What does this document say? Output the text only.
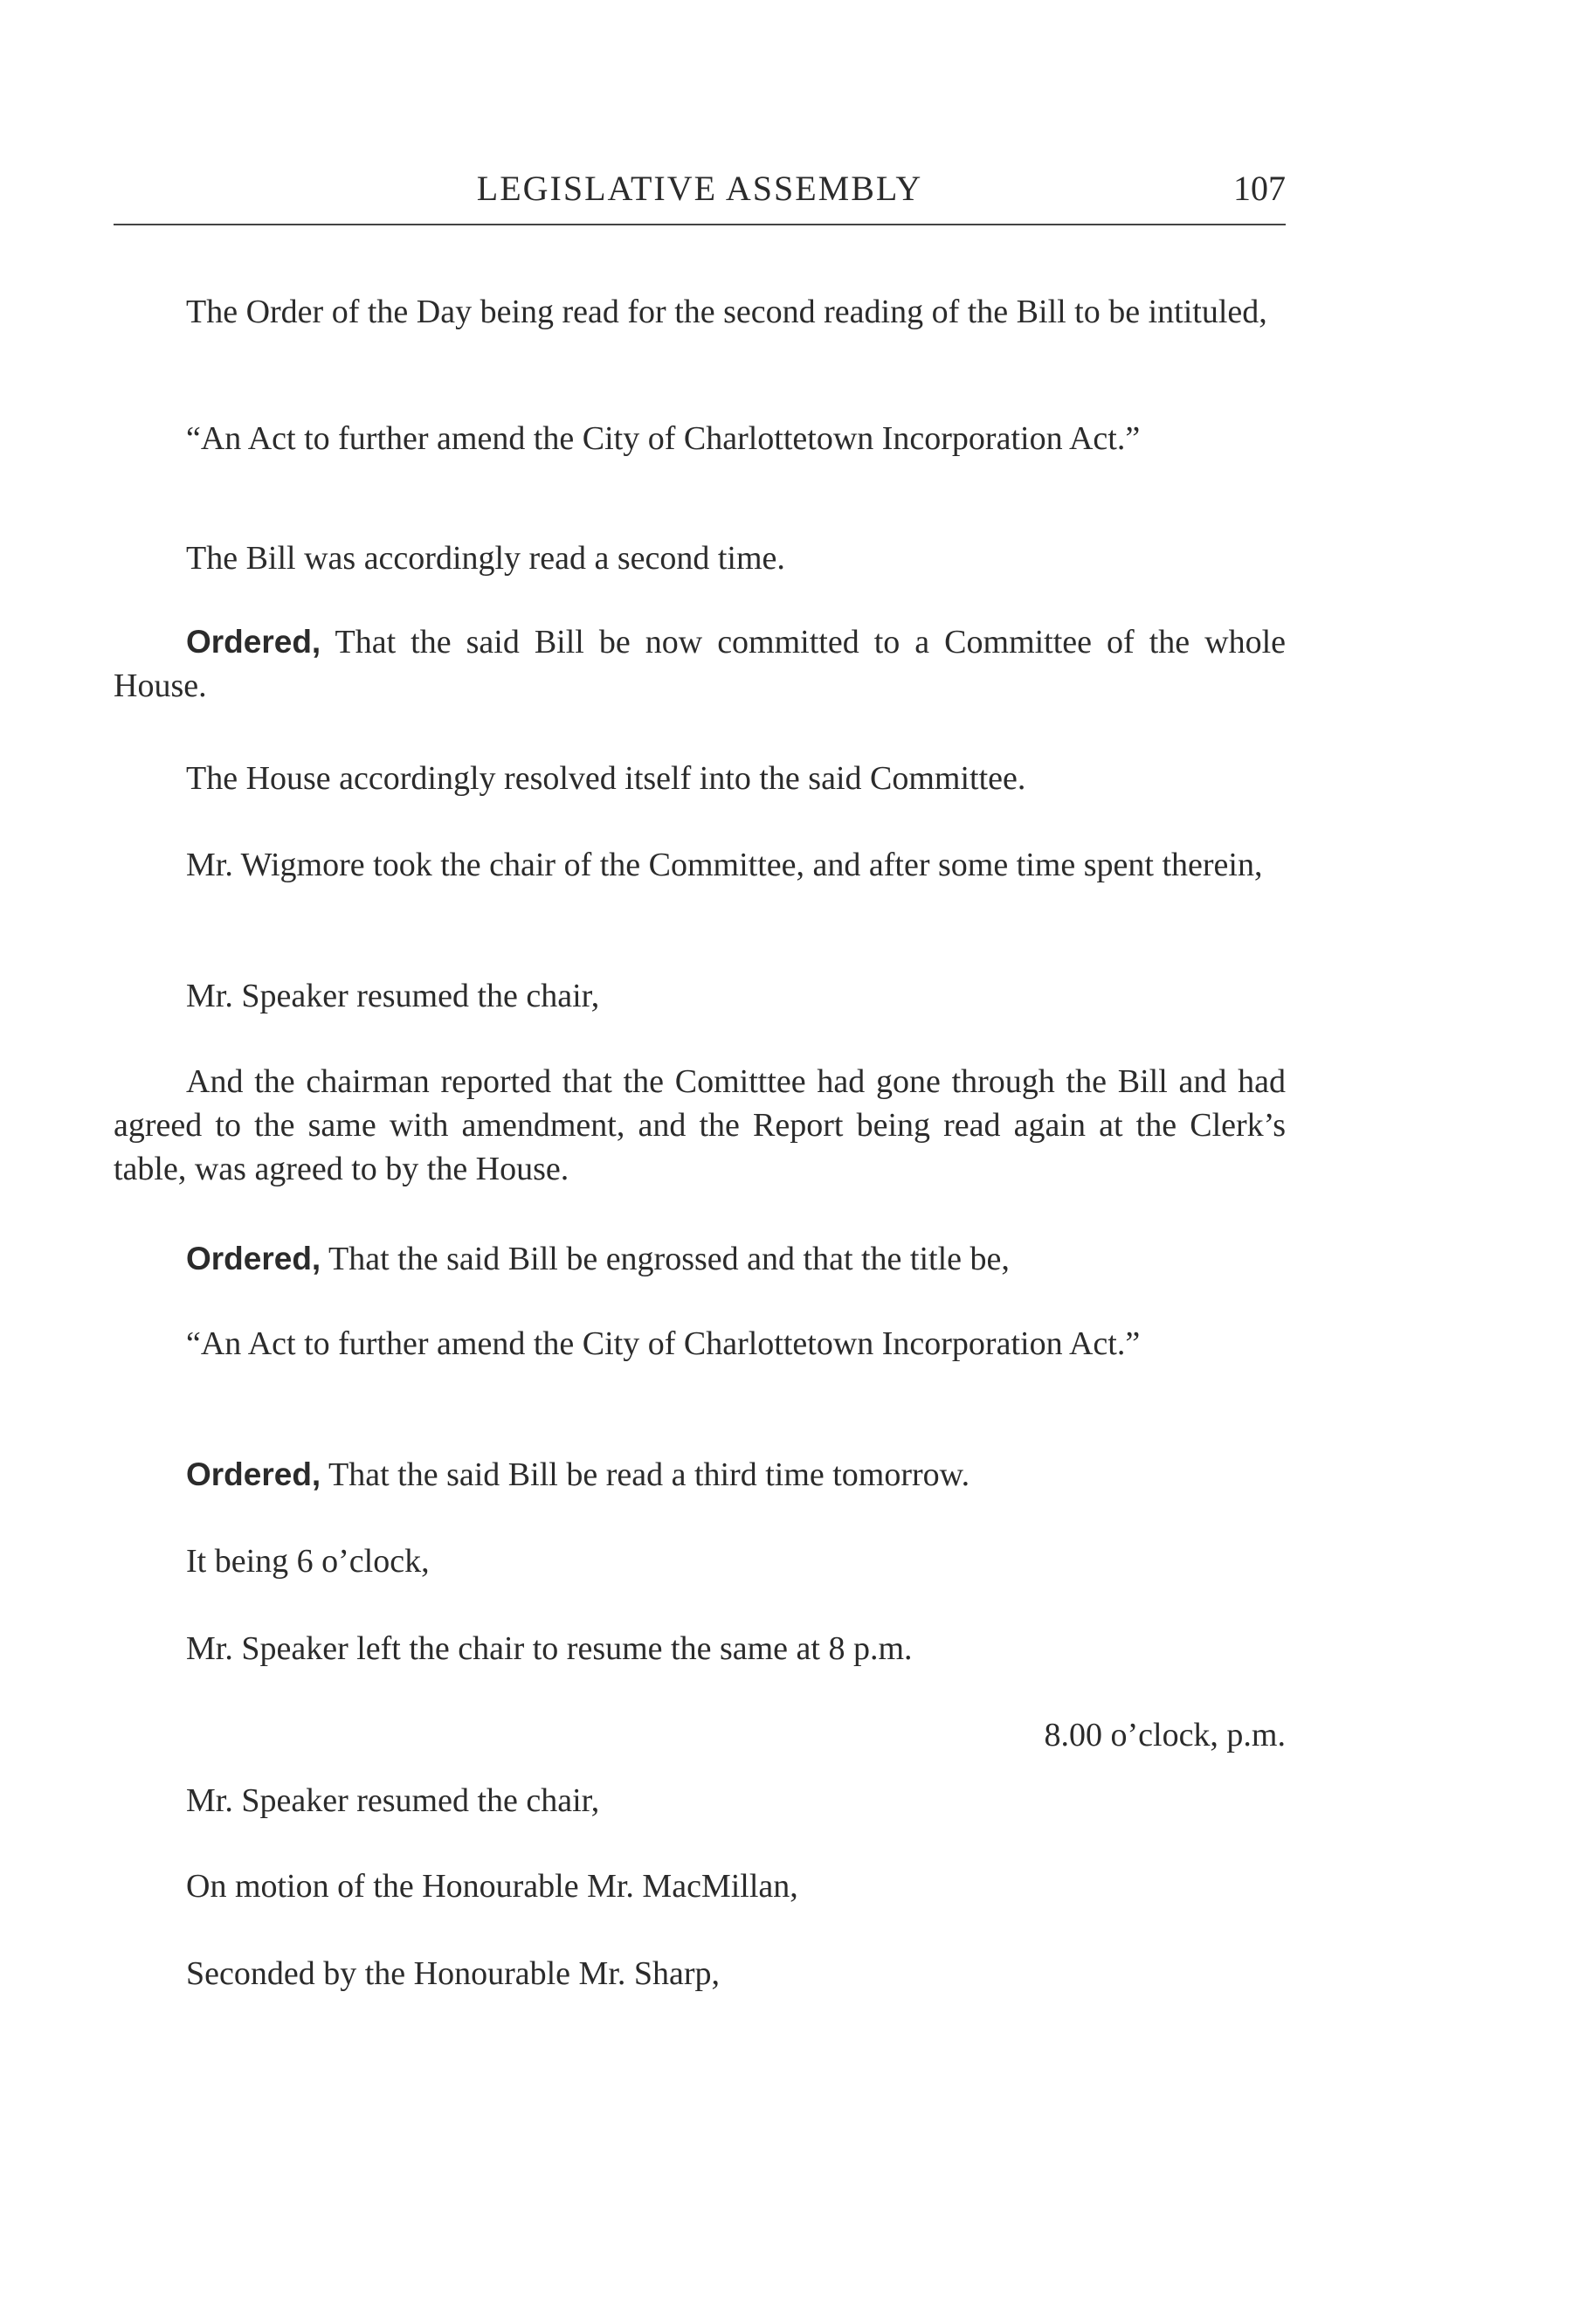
LEGISLATIVE ASSEMBLY	107
The Order of the Day being read for the second reading of the Bill to be intituled,
“An Act to further amend the City of Charlottetown Incorporation Act.”
The Bill was accordingly read a second time.
Ordered, That the said Bill be now committed to a Committee of the whole House.
The House accordingly resolved itself into the said Committee.
Mr. Wigmore took the chair of the Committee, and after some time spent therein,
Mr. Speaker resumed the chair,
And the chairman reported that the Comitttee had gone through the Bill and had agreed to the same with amendment, and the Report being read again at the Clerk’s table, was agreed to by the House.
Ordered, That the said Bill be engrossed and that the title be,
“An Act to further amend the City of Charlottetown Incorporation Act.”
Ordered, That the said Bill be read a third time tomorrow.
It being 6 o’clock,
Mr. Speaker left the chair to resume the same at 8 p.m.
8.00 o’clock, p.m.
Mr. Speaker resumed the chair,
On motion of the Honourable Mr. MacMillan,
Seconded by the Honourable Mr. Sharp,
